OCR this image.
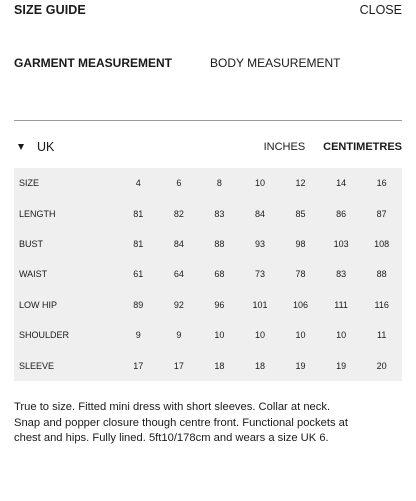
SIZE GUIDE	CLOSE
GARMENT MEASUREMENT	BODY MEASUREMENT
UK	INCHES CENTIMETRES
SIZE	4	6	8	10	12	14	16
LENGTH	81	82	83	84	85	86	87
BUST	81	84	88	93	98	103	108
WAIST	61	64	68	73	78	83	88
LOW HIP	89	92	96	101	106	111	116
SHOULDER	9	9	10	10	10	10	11
SLEEVE	17	17	18	18	19	19	20

True to size. Fitted mini dress with short sleeves. Collar at neck. Snap and popper closure though centre front. Functional pockets at chest and hips. Fully lined. 5ft10/178cm and wears a size UK 6.
